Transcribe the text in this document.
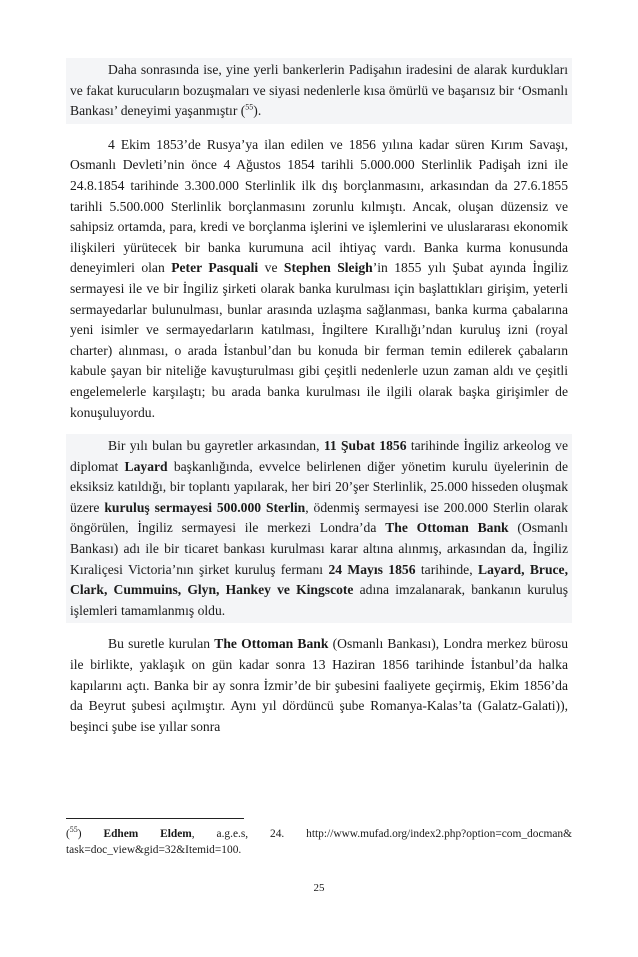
Daha sonrasında ise, yine yerli bankerlerin Padişahın iradesini de alarak kurdukları ve fakat kurucuların bozuşmaları ve siyasi nedenlerle kısa ömürlü ve başarısız bir ‘Osmanlı Bankası’ deneyimi yaşanmıştır ($^{55}$).

4 Ekim 1853’de Rusya’ya ilan edilen ve 1856 yılına kadar süren Kırım Savaşı, Osmanlı Devleti’nin önce 4 Ağustos 1854 tarihli 5.000.000 Sterlinlik Padişah izni ile 24.8.1854 tarihinde 3.300.000 Sterlinlik ilk dış borçlanmasını, arkasından da 27.6.1855 tarihli 5.500.000 Sterlinlik borçlanmasını zorunlu kılmıştı. Ancak, oluşan düzensiz ve sahipsiz ortamda, para, kredi ve borçlanma işlerini ve işlemlerini ve uluslararası ekonomik ilişkileri yürütecek bir banka kurumuna acil ihtiyaç vardı. Banka kurma konusunda deneyimleri olan Peter Pasquali ve Stephen Sleigh’in 1855 yılı Şubat ayında İngiliz sermayesi ile ve bir İngiliz şirketi olarak banka kurulması için başlattıkları girişim, yeterli sermayedarlar bulunulması, bunlar arasında uzlaşma sağlanması, banka kurma çabalarına yeni isimler ve sermayedarların katılması, İngiltere Kırallığı’ndan kuruluş izni (royal charter) alınması, o arada İstanbul’dan bu konuda bir ferman temin edilerek çabaların kabule şayan bir niteliğe kavuşturulması gibi çeşitli nedenlerle uzun zaman aldı ve çeşitli engelemelerle karşılaştı; bu arada banka kurulması ile ilgili olarak başka girişimler de konuşuluyordu.

Bir yılı bulan bu gayretler arkasından, 11 Şubat 1856 tarihinde İngiliz arkeolog ve diplomat Layard başkanlığında, evvelce belirlenen diğer yönetim kurulu üyelerinin de eksiksiz katıldığı, bir toplantı yapılarak, her biri 20’şer Sterlinlik, 25.000 hisseden oluşmak üzere kuruluş sermayesi 500.000 Sterlin, ödenmiş sermayesi ise 200.000 Sterlin olarak öngörülen, İngiliz sermayesi ile merkezi Londra’da The Ottoman Bank (Osmanlı Bankası) adı ile bir ticaret bankası kurulması karar altına alınmış, arkasından da, İngiliz Kıraliçesi Victoria’nın şirket kuruluş fermanı 24 Mayıs 1856 tarihinde, Layard, Bruce, Clark, Cummuins, Glyn, Hankey ve Kingscote adına imzalanarak, bankanın kuruluş işlemleri tamamlanmış oldu.

Bu suretle kurulan The Ottoman Bank (Osmanlı Bankası), Londra merkez bürosu ile birlikte, yaklaşık on gün kadar sonra 13 Haziran 1856 tarihinde İstanbul’da halka kapılarını açtı. Banka bir ay sonra İzmir’de bir şubesini faaliyete geçirmiş, Ekim 1856’da da Beyrut şubesi açılmıştır. Aynı yıl dördüncü şube Romanya-Kalas’ta (Galatz-Galati)), beşinci şube ise yıllar sonra

($^{55}$) Edhem Eldem, a.g.e.s, 24. http://www.mufad.org/index2.php?option=com_docman& task=doc_view&gid=32&Itemid=100.
25
